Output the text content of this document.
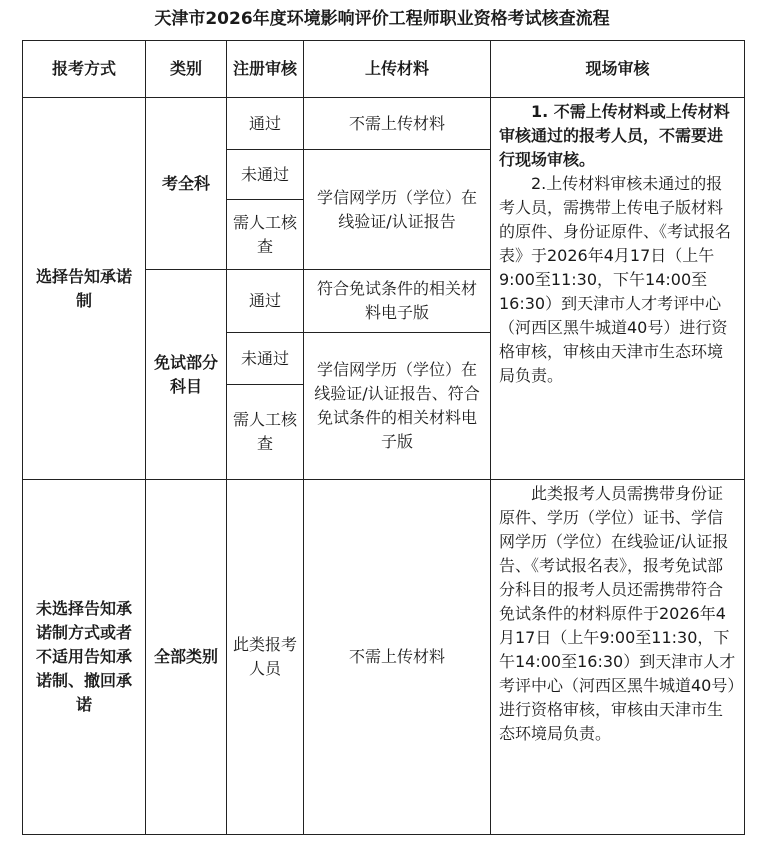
天津市2026年度环境影响评价工程师职业资格考试核查流程
报考方式	类别	注册审核	上传材料	现场审核

选择告知承诺制	考全科	通过	不需上传材料	1. 不需上传材料或上传材料审核通过的报考人员，不需要进行现场审核。

2.上传材料审核未通过的报考人员，需携带上传电子版材料的原件、身份证原件、《考试报名表》于2026年4月17日（上午9:00至11:30，下午14:00至16:30）到天津市人才考评中心（河西区黑牛城道40号）进行资格审核，审核由天津市生态环境局负责。

		未通过	学信网学历（学位）在线验证/认证报告	

		需人工核查		

	免试部分科目	通过	符合免试条件的相关材料电子版	

		未通过	学信网学历（学位）在线验证/认证报告、符合免试条件的相关材料电子版	

		需人工核查		

未选择告知承诺制方式或者不适用告知承诺制、撤回承诺	全部类别	此类报考人员	不需上传材料	此类报考人员需携带身份证原件、学历（学位）证书、学信网学历（学位）在线验证/认证报告、《考试报名表》，报考免试部分科目的报考人员还需携带符合免试条件的材料原件于2026年4月17日（上午9:00至11:30，下午14:00至16:30）到天津市人才考评中心（河西区黑牛城道40号）进行资格审核，审核由天津市生态环境局负责。
